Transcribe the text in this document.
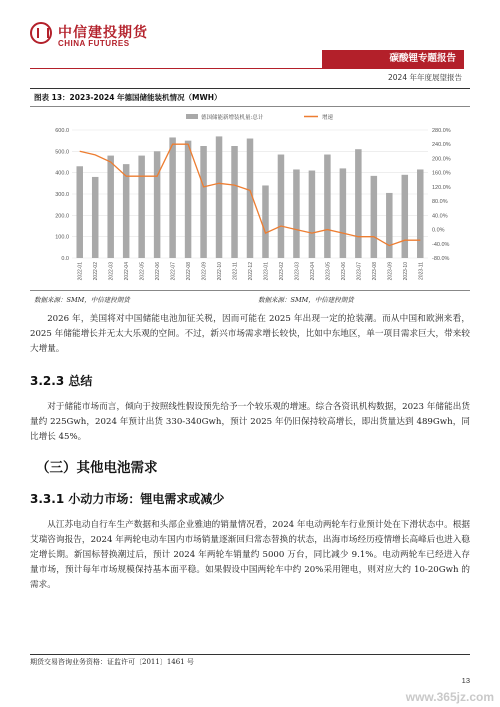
中信建投期货
CHINA FUTURES
碳酸锂专题报告
2024 年年度展望报告
图表 13：2023-2024 年德国储能装机情况（MWH）
0.0
100.0
200.0
300.0
400.0
500.0
600.0
-80.0%
-40.0%
0.0%
40.0%
80.0%
120.0%
160.0%
200.0%
240.0%
280.0%
2022-01 2022-02 2022-03 2022-04 2022-05 2022-06 2022-07 2022-08 2022-09 2022-10 2022-11 2022-12 2023-01 2023-02 2023-03 2023-04 2023-05 2023-06 2023-07 2023-08 2023-09 2023-10 2023-11
德国储能新增装机量:总计	增速
数据来源：SMM，中信建投期货	数据来源：SMM，中信建投期货
2026 年，美国将对中国储能电池加征关税，因而可能在 2025 年出现一定的抢装潮。而从中国和欧洲来看，2025 年储能增长并无太大乐观的空间。不过，新兴市场需求增长较快，比如中东地区，单一项目需求巨大，带来较大增量。
3.2.3 总结
对于储能市场而言，倾向于按照线性假设预先给予一个较乐观的增速。综合各资讯机构数据，2023 年储能出货量约 225Gwh，2024 年预计出货 330-340Gwh，预计 2025 年仍旧保持较高增长，即出货量达到 489Gwh，同比增长 45%。
（三）其他电池需求
3.3.1 小动力市场：锂电需求或减少
从江苏电动自行车生产数据和头部企业雅迪的销量情况看，2024 年电动两轮车行业预计处在下滑状态中。根据艾瑞咨询报告，2024 年两轮电动车国内市场销量逐渐回归常态替换的状态，出海市场经历疫情增长高峰后也进入稳定增长期。新国标替换潮过后，预计 2024 年两轮车销量约 5000 万台，同比减少 9.1%。电动两轮车已经进入存量市场，预计每年市场规模保持基本面平稳。如果假设中国两轮车中约 20%采用锂电，则对应大约 10-20Gwh 的需求。
期货交易咨询业务资格：证监许可〔2011〕1461 号
13
www.365jz.com
